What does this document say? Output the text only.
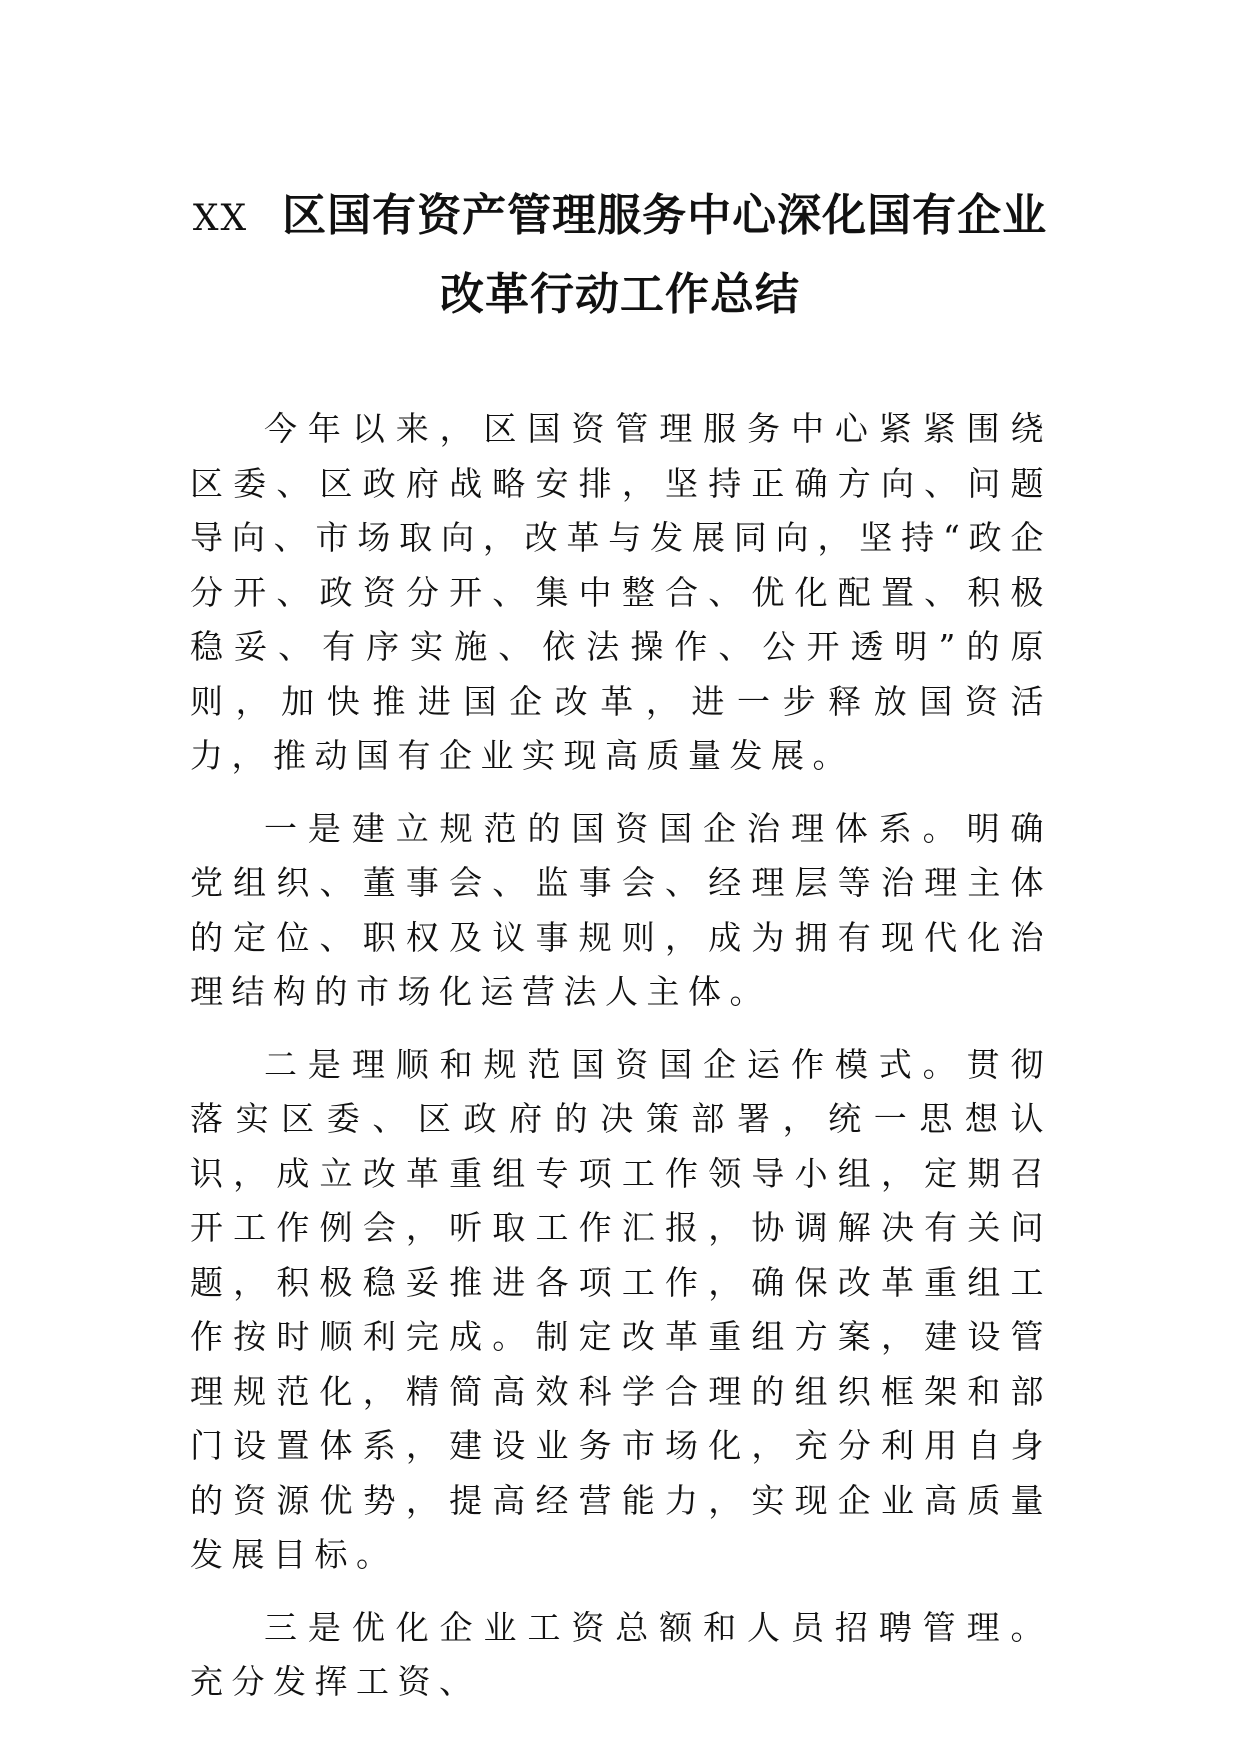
XX 区国有资产管理服务中心深化国有企业
改革行动工作总结

今年以来，区国资管理服务中心紧紧围绕区委、区政府战略安排，坚持正确方向、问题导向、市场取向，改革与发展同向，坚持“政企分开、政资分开、集中整合、优化配置、积极稳妥、有序实施、依法操作、公开透明”的原则，加快推进国企改革，进一步释放国资活力，推动国有企业实现高质量发展。

一是建立规范的国资国企治理体系。明确党组织、董事会、监事会、经理层等治理主体的定位、职权及议事规则，成为拥有现代化治理结构的市场化运营法人主体。

二是理顺和规范国资国企运作模式。贯彻落实区委、区政府的决策部署，统一思想认识，成立改革重组专项工作领导小组，定期召开工作例会，听取工作汇报，协调解决有关问题，积极稳妥推进各项工作，确保改革重组工作按时顺利完成。制定改革重组方案，建设管理规范化，精简高效科学合理的组织框架和部门设置体系，建设业务市场化，充分利用自身的资源优势，提高经营能力，实现企业高质量发展目标。

三是优化企业工资总额和人员招聘管理。充分发挥工资、
